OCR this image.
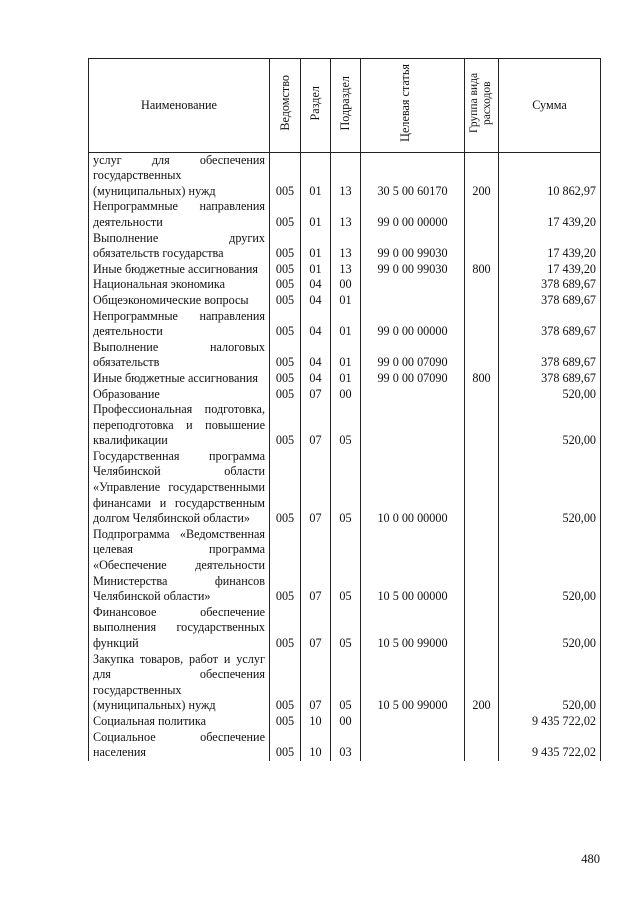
Наименование	Ведомство	Раздел	Подраздел	Целевая статья	Группа вида расходов	Сумма
услуг для обеспечения государственных (муниципальных) нужд	005	01	13	30 5 00 60170	200	10 862,97
Непрограммные направления деятельности	005	01	13	99 0 00 00000		17 439,20
Выполнение других обязательств государства	005	01	13	99 0 00 99030		17 439,20
Иные бюджетные ассигнования	005	01	13	99 0 00 99030	800	17 439,20
Национальная экономика	005	04	00			378 689,67
Общеэкономические вопросы	005	04	01			378 689,67
Непрограммные направления деятельности	005	04	01	99 0 00 00000		378 689,67
Выполнение налоговых обязательств	005	04	01	99 0 00 07090		378 689,67
Иные бюджетные ассигнования	005	04	01	99 0 00 07090	800	378 689,67
Образование	005	07	00			520,00
Профессиональная подготовка, переподготовка и повышение квалификации	005	07	05			520,00
Государственная программа Челябинской области «Управление государственными финансами и государственным долгом Челябинской области»	005	07	05	10 0 00 00000		520,00
Подпрограмма «Ведомственная целевая программа «Обеспечение деятельности Министерства финансов Челябинской области»	005	07	05	10 5 00 00000		520,00
Финансовое обеспечение выполнения государственных функций	005	07	05	10 5 00 99000		520,00
Закупка товаров, работ и услуг для обеспечения государственных (муниципальных) нужд	005	07	05	10 5 00 99000	200	520,00
Социальная политика	005	10	00			9 435 722,02
Социальное обеспечение населения	005	10	03			9 435 722,02
480
